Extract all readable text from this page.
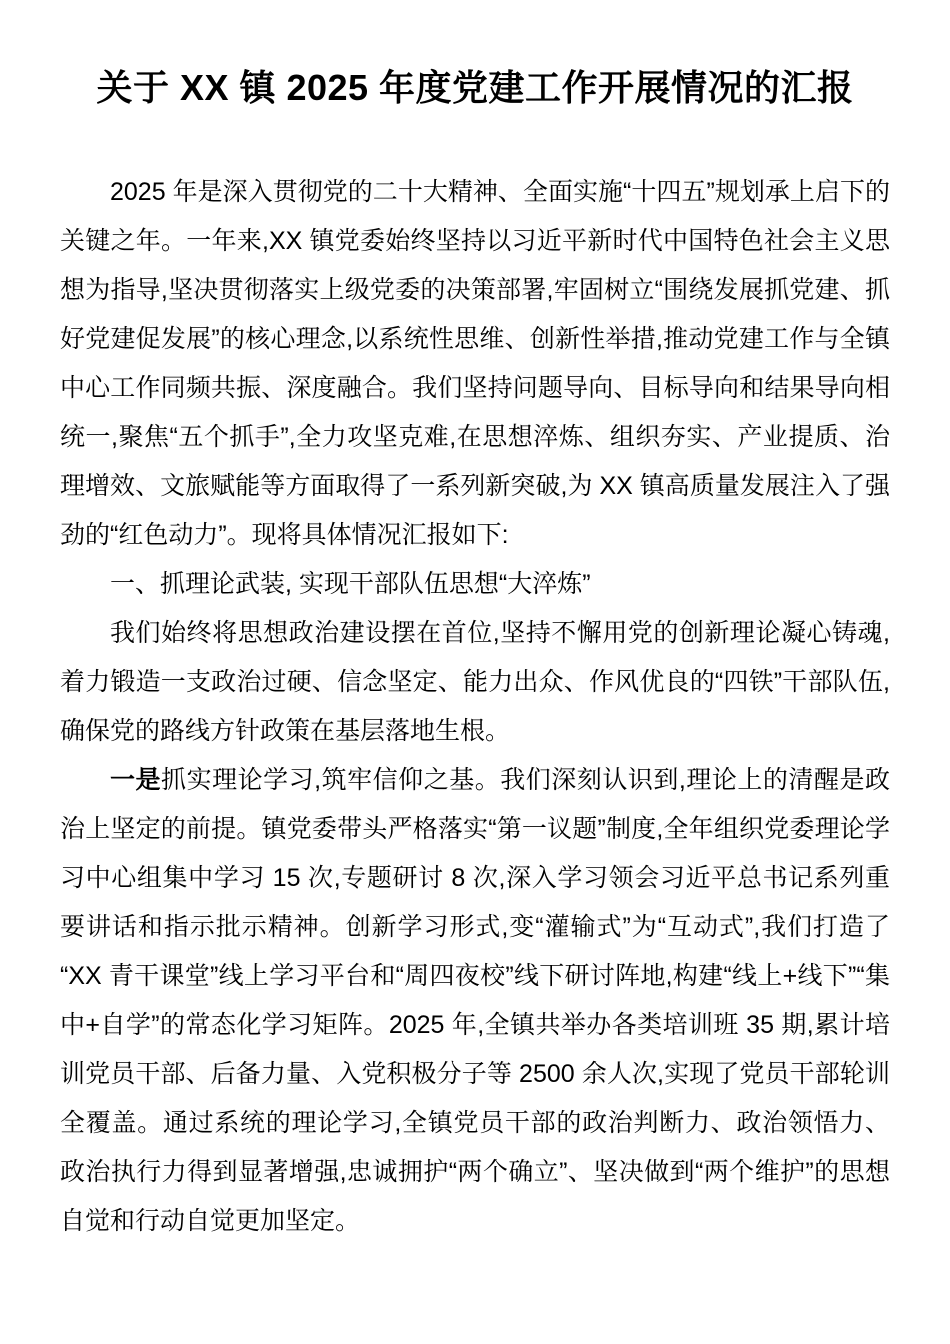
关于 XX 镇 2025 年度党建工作开展情况的汇报

2025 年是深入贯彻党的二十大精神、全面实施“十四五”规划承上启下的关键之年。一年来,XX 镇党委始终坚持以习近平新时代中国特色社会主义思想为指导,坚决贯彻落实上级党委的决策部署,牢固树立“围绕发展抓党建、抓好党建促发展”的核心理念,以系统性思维、创新性举措,推动党建工作与全镇中心工作同频共振、深度融合。我们坚持问题导向、目标导向和结果导向相统一,聚焦“五个抓手”,全力攻坚克难,在思想淬炼、组织夯实、产业提质、治理增效、文旅赋能等方面取得了一系列新突破,为 XX 镇高质量发展注入了强劲的“红色动力”。现将具体情况汇报如下:

一、抓理论武装, 实现干部队伍思想“大淬炼”

我们始终将思想政治建设摆在首位,坚持不懈用党的创新理论凝心铸魂,着力锻造一支政治过硬、信念坚定、能力出众、作风优良的“四铁”干部队伍,确保党的路线方针政策在基层落地生根。

一是抓实理论学习,筑牢信仰之基。我们深刻认识到,理论上的清醒是政治上坚定的前提。镇党委带头严格落实“第一议题”制度,全年组织党委理论学习中心组集中学习 15 次,专题研讨 8 次,深入学习领会习近平总书记系列重要讲话和指示批示精神。创新学习形式,变“灌输式”为“互动式”,我们打造了“XX 青干课堂”线上学习平台和“周四夜校”线下研讨阵地,构建“线上+线下”“集中+自学”的常态化学习矩阵。2025 年,全镇共举办各类培训班 35 期,累计培训党员干部、后备力量、入党积极分子等 2500 余人次,实现了党员干部轮训全覆盖。通过系统的理论学习,全镇党员干部的政治判断力、政治领悟力、政治执行力得到显著增强,忠诚拥护“两个确立”、坚决做到“两个维护”的思想自觉和行动自觉更加坚定。
